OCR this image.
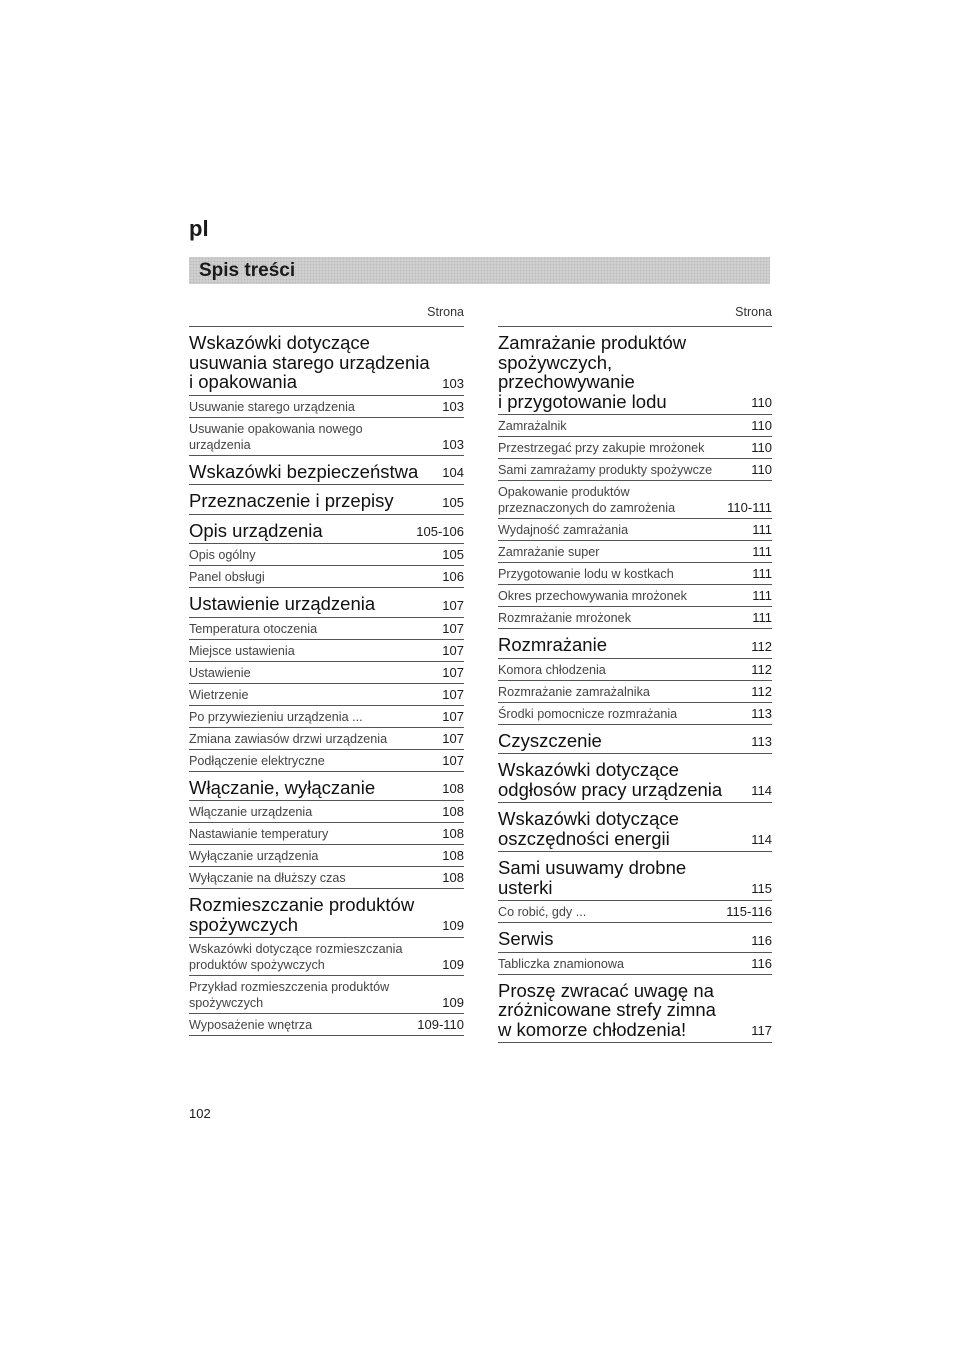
pl
Spis treści
Strona
Wskazówki dotyczące
usuwania starego urządzenia
i opakowania	103
Usuwanie starego urządzenia	103
Usuwanie opakowania nowego
urządzenia	103
Wskazówki bezpieczeństwa	104
Przeznaczenie i przepisy	105
Opis urządzenia	105-106
Opis ogólny	105
Panel obsługi	106
Ustawienie urządzenia	107
Temperatura otoczenia	107
Miejsce ustawienia	107
Ustawienie	107
Wietrzenie	107
Po przywiezieniu urządzenia ...	107
Zmiana zawiasów drzwi urządzenia	107
Podłączenie elektryczne	107
Włączanie, wyłączanie	108
Włączanie urządzenia	108
Nastawianie temperatury	108
Wyłączanie urządzenia	108
Wyłączanie na dłuższy czas	108
Rozmieszczanie produktów
spożywczych	109
Wskazówki dotyczące rozmieszczania
produktów spożywczych	109
Przykład rozmieszczenia produktów
spożywczych	109
Wyposażenie wnętrza	109-110
Strona
Zamrażanie produktów
spożywczych,
przechowywanie
i przygotowanie lodu	110
Zamrażalnik	110
Przestrzegać przy zakupie mrożonek	110
Sami zamrażamy produkty spożywcze	110
Opakowanie produktów
przeznaczonych do zamrożenia	110-111
Wydajność zamrażania	111
Zamrażanie super	111
Przygotowanie lodu w kostkach	111
Okres przechowywania mrożonek	111
Rozmrażanie mrożonek	111
Rozmrażanie	112
Komora chłodzenia	112
Rozmrażanie zamrażalnika	112
Środki pomocnicze rozmrażania	113
Czyszczenie	113
Wskazówki dotyczące
odgłosów pracy urządzenia	114
Wskazówki dotyczące
oszczędności energii	114
Sami usuwamy drobne
usterki	115
Co robić, gdy ...	115-116
Serwis	116
Tabliczka znamionowa	116
Proszę zwracać uwagę na
zróżnicowane strefy zimna
w komorze chłodzenia!	117
102
